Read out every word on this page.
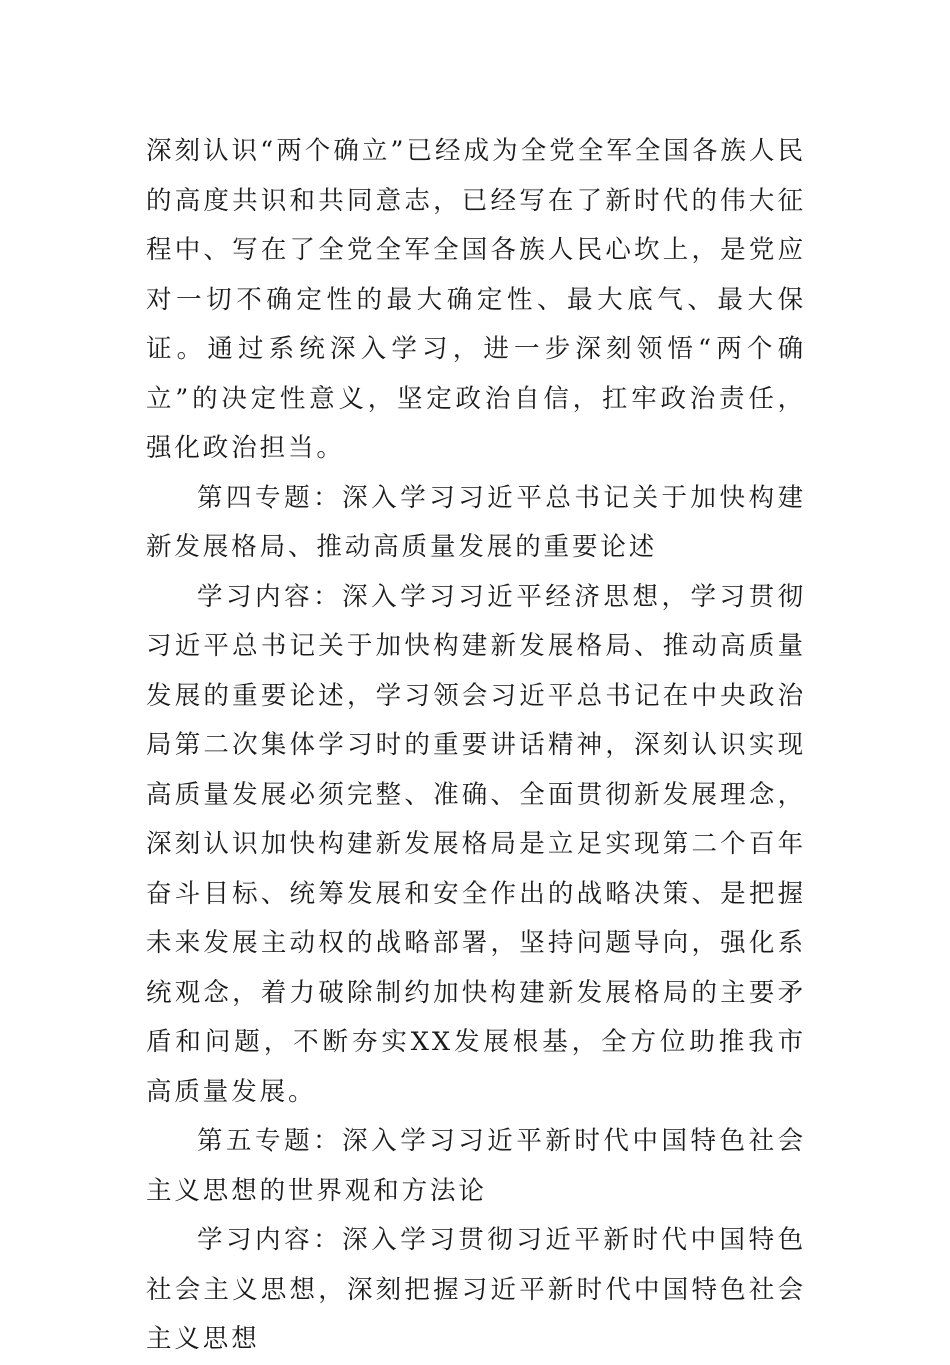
深刻认识“两个确立”已经成为全党全军全国各族人民的高度共识和共同意志，已经写在了新时代的伟大征程中、写在了全党全军全国各族人民心坎上，是党应对一切不确定性的最大确定性、最大底气、最大保证。通过系统深入学习，进一步深刻领悟“两个确立”的决定性意义，坚定政治自信，扛牢政治责任，强化政治担当。

第四专题：深入学习习近平总书记关于加快构建新发展格局、推动高质量发展的重要论述

学习内容：深入学习习近平经济思想，学习贯彻习近平总书记关于加快构建新发展格局、推动高质量发展的重要论述，学习领会习近平总书记在中央政治局第二次集体学习时的重要讲话精神，深刻认识实现高质量发展必须完整、准确、全面贯彻新发展理念，深刻认识加快构建新发展格局是立足实现第二个百年奋斗目标、统筹发展和安全作出的战略决策、是把握未来发展主动权的战略部署，坚持问题导向，强化系统观念，着力破除制约加快构建新发展格局的主要矛盾和问题，不断夯实XX发展根基，全方位助推我市高质量发展。

第五专题：深入学习习近平新时代中国特色社会主义思想的世界观和方法论

学习内容：深入学习贯彻习近平新时代中国特色社会主义思想，深刻把握习近平新时代中国特色社会主义思想
